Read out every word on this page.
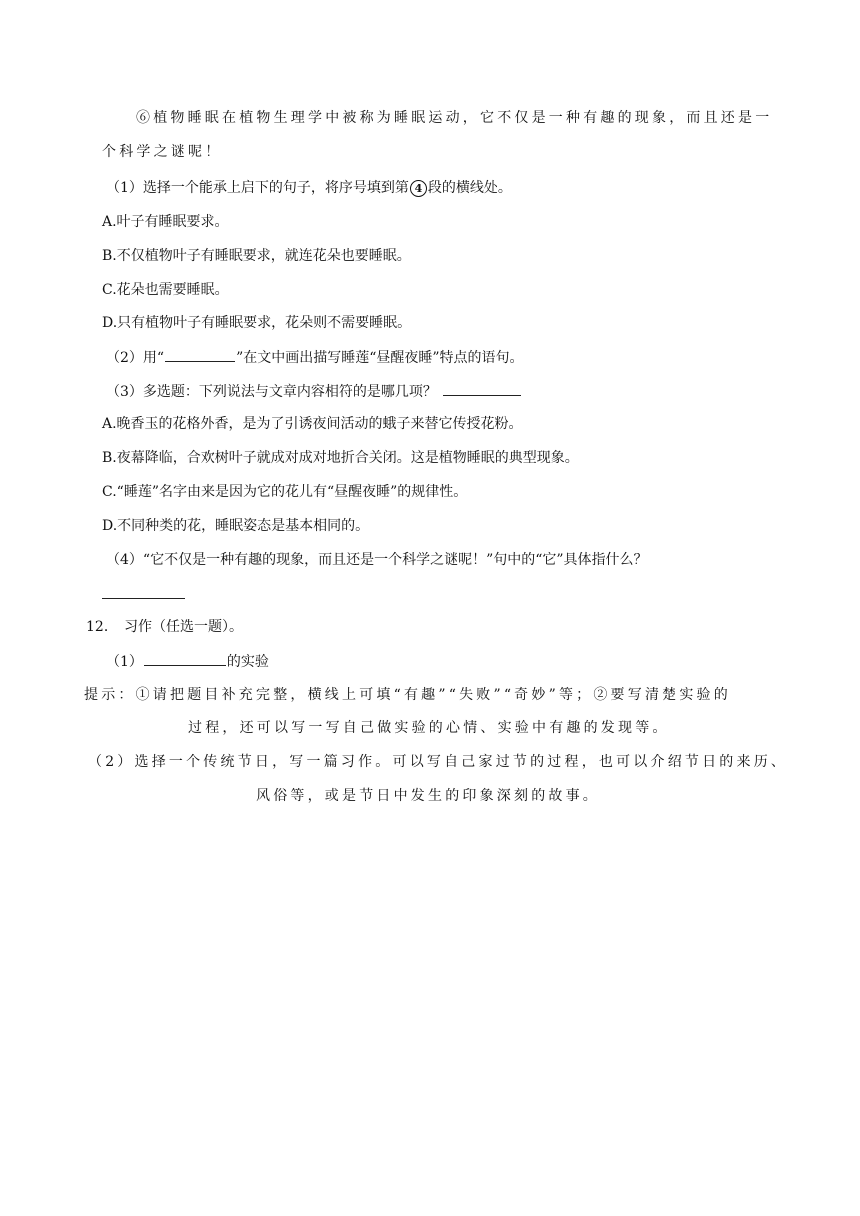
⑥植物睡眠在植物生理学中被称为睡眠运动，它不仅是一种有趣的现象，而且还是一
个科学之谜呢！
（1）选择一个能承上启下的句子，将序号填到第 4 段的横线处。
A.叶子有睡眠要求。
B.不仅植物叶子有睡眠要求，就连花朵也要睡眠。
C.花朵也需要睡眠。
D.只有植物叶子有睡眠要求，花朵则不需要睡眠。
（2）用“	”在文中画出描写睡莲“昼醒夜睡”特点的语句。
（3）多选题：下列说法与文章内容相符的是哪几项？
A.晚香玉的花格外香，是为了引诱夜间活动的蛾子来替它传授花粉。
B.夜幕降临，合欢树叶子就成对成对地折合关闭。这是植物睡眠的典型现象。
C.“睡莲”名字由来是因为它的花儿有“昼醒夜睡”的规律性。
D.不同种类的花，睡眠姿态是基本相同的。
（4）“它不仅是一种有趣的现象，而且还是一个科学之谜呢！”句中的“它”具体指什么？
12． 习作（任选一题）。
（1）	的实验
提示：①请把题目补充完整，横线上可填“有趣”“失败”“奇妙”等；②要写清楚实验的
过程，还可以写一写自己做实验的心情、实验中有趣的发现等。
（2）选择一个传统节日，写一篇习作。可以写自己家过节的过程，也可以介绍节日的来历、
风俗等，或是节日中发生的印象深刻的故事。
